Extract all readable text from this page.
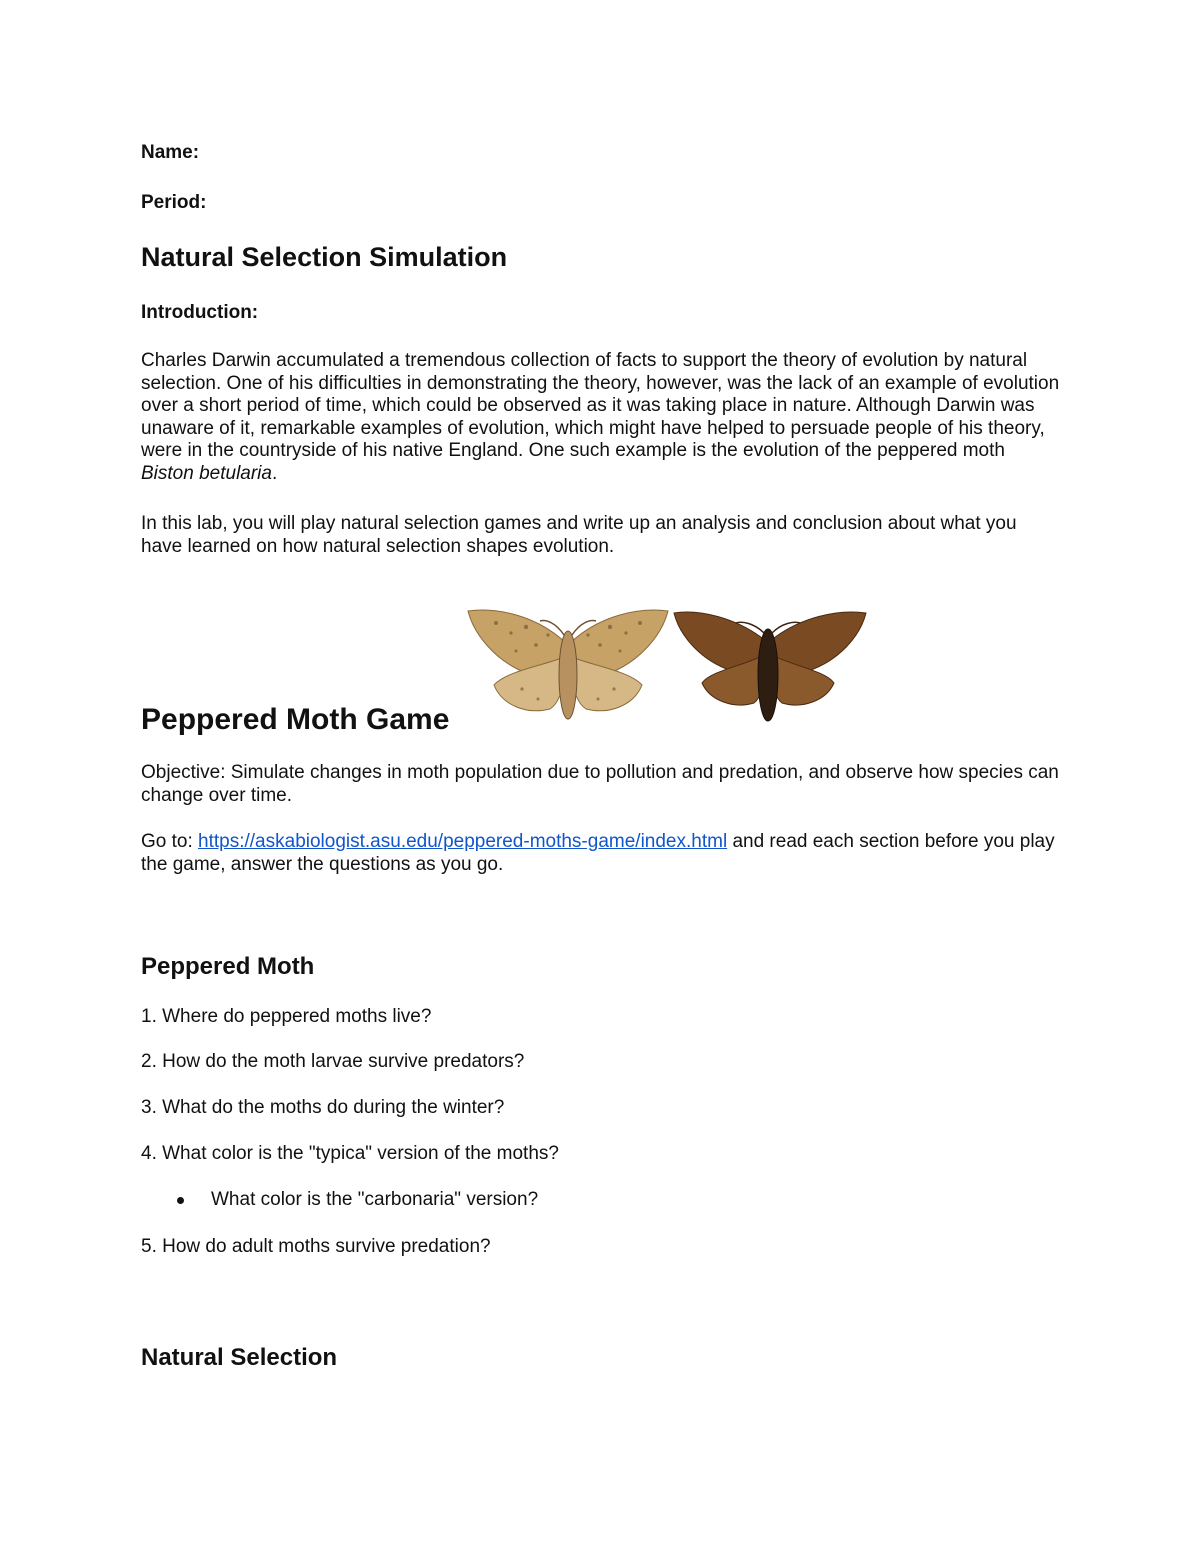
Name:
Period:
Natural Selection Simulation
Introduction:

Charles Darwin accumulated a tremendous collection of facts to support the theory of evolution by natural selection. One of his difficulties in demonstrating the theory, however, was the lack of an example of evolution over a short period of time, which could be observed as it was taking place in nature. Although Darwin was unaware of it, remarkable examples of evolution, which might have helped to persuade people of his theory, were in the countryside of his native England. One such example is the evolution of the peppered moth Biston betularia.

In this lab, you will play natural selection games and write up an analysis and conclusion about what you have learned on how natural selection shapes evolution.

Peppered Moth Game

Objective: Simulate changes in moth population due to pollution and predation, and observe how species can change over time.

Go to: https://askabiologist.asu.edu/peppered-moths-game/index.html and read each section before you play the game, answer the questions as you go.

Peppered Moth
1. Where do peppered moths live?
2. How do the moth larvae survive predators?
3. What do the moths do during the winter?
4. What color is the "typica" version of the moths?
What color is the "carbonaria" version?
5. How do adult moths survive predation?
Natural Selection
